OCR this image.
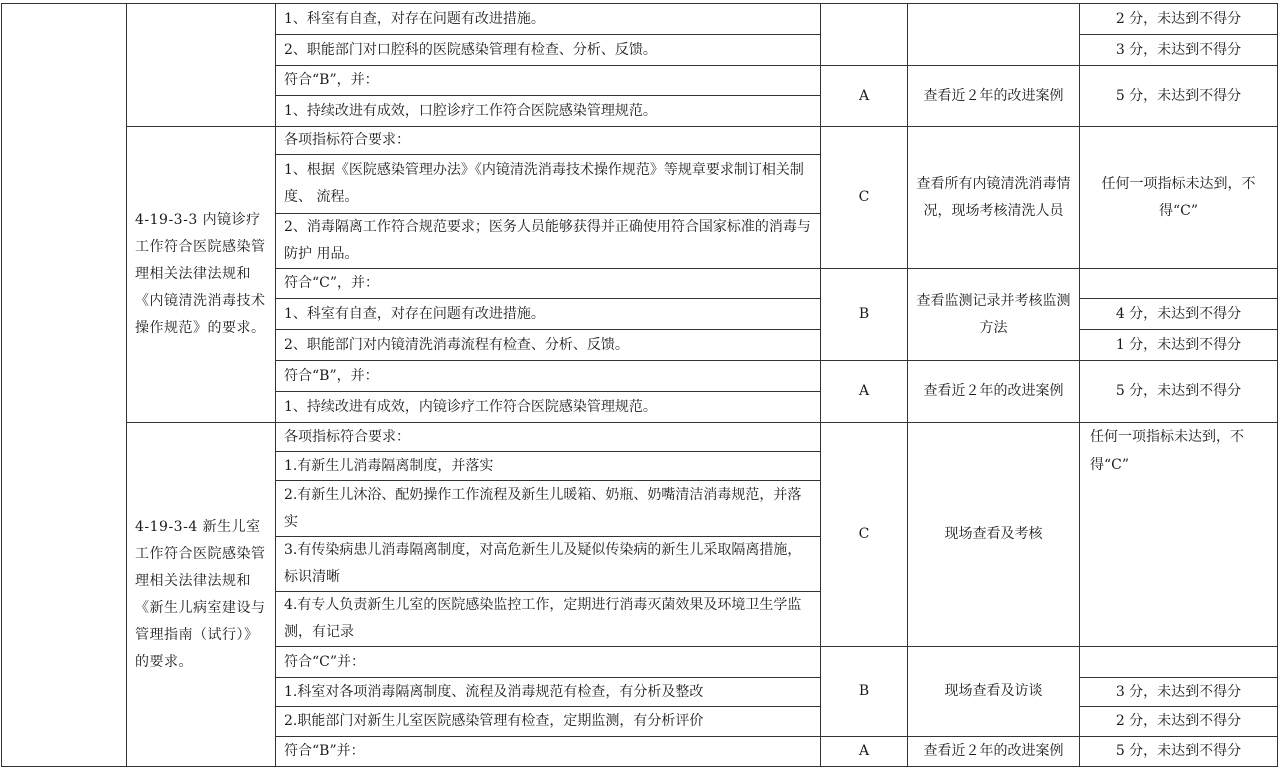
		1、科室有自查，对存在问题有改进措施。			2 分，未达到不得分
		2、职能部门对口腔科的医院感染管理有检查、分析、反馈。			3 分，未达到不得分
		符合“B”，并：	A	查看近２年的改进案例	5 分，未达到不得分
		1、持续改进有成效，口腔诊疗工作符合医院感染管理规范。			
	4-19-3-3 内镜诊疗工作符合医院感染管理相关法律法规和《内镜清洗消毒技术操作规范》的要求。	各项指标符合要求：	C	查看所有内镜清洗消毒情况，现场考核清洗人员	任何一项指标未达到，不得“C”
		1、根据《医院感染管理办法》《内镜清洗消毒技术操作规范》等规章要求制订相关制度、 流程。			
		2、消毒隔离工作符合规范要求；医务人员能够获得并正确使用符合国家标准的消毒与防护 用品。			
		符合“C”，并：	B	查看监测记录并考核监测方法	
		1、科室有自查，对存在问题有改进措施。			4 分，未达到不得分
		2、职能部门对内镜清洗消毒流程有检查、分析、反馈。			1 分，未达到不得分
		符合“B”，并：	A	查看近２年的改进案例	5 分，未达到不得分
		1、持续改进有成效，内镜诊疗工作符合医院感染管理规范。			
	4-19-3-4 新生儿室工作符合医院感染管理相关法律法规和《新生儿病室建设与管理指南（试行）》的要求。	各项指标符合要求：	C	现场查看及考核	任何一项指标未达到，不得“C”
		1.有新生儿消毒隔离制度，并落实			
		2.有新生儿沐浴、配奶操作工作流程及新生儿暖箱、奶瓶、奶嘴清洁消毒规范，并落实			
		3.有传染病患儿消毒隔离制度，对高危新生儿及疑似传染病的新生儿采取隔离措施，标识清晰			
		4.有专人负责新生儿室的医院感染监控工作，定期进行消毒灭菌效果及环境卫生学监测，有记录			
		符合“C”并：	B	现场查看及访谈	
		1.科室对各项消毒隔离制度、流程及消毒规范有检查，有分析及整改			3 分，未达到不得分
		2.职能部门对新生儿室医院感染管理有检查，定期监测，有分析评价			2 分，未达到不得分
		符合“B”并：	A	查看近２年的改进案例	5 分，未达到不得分
